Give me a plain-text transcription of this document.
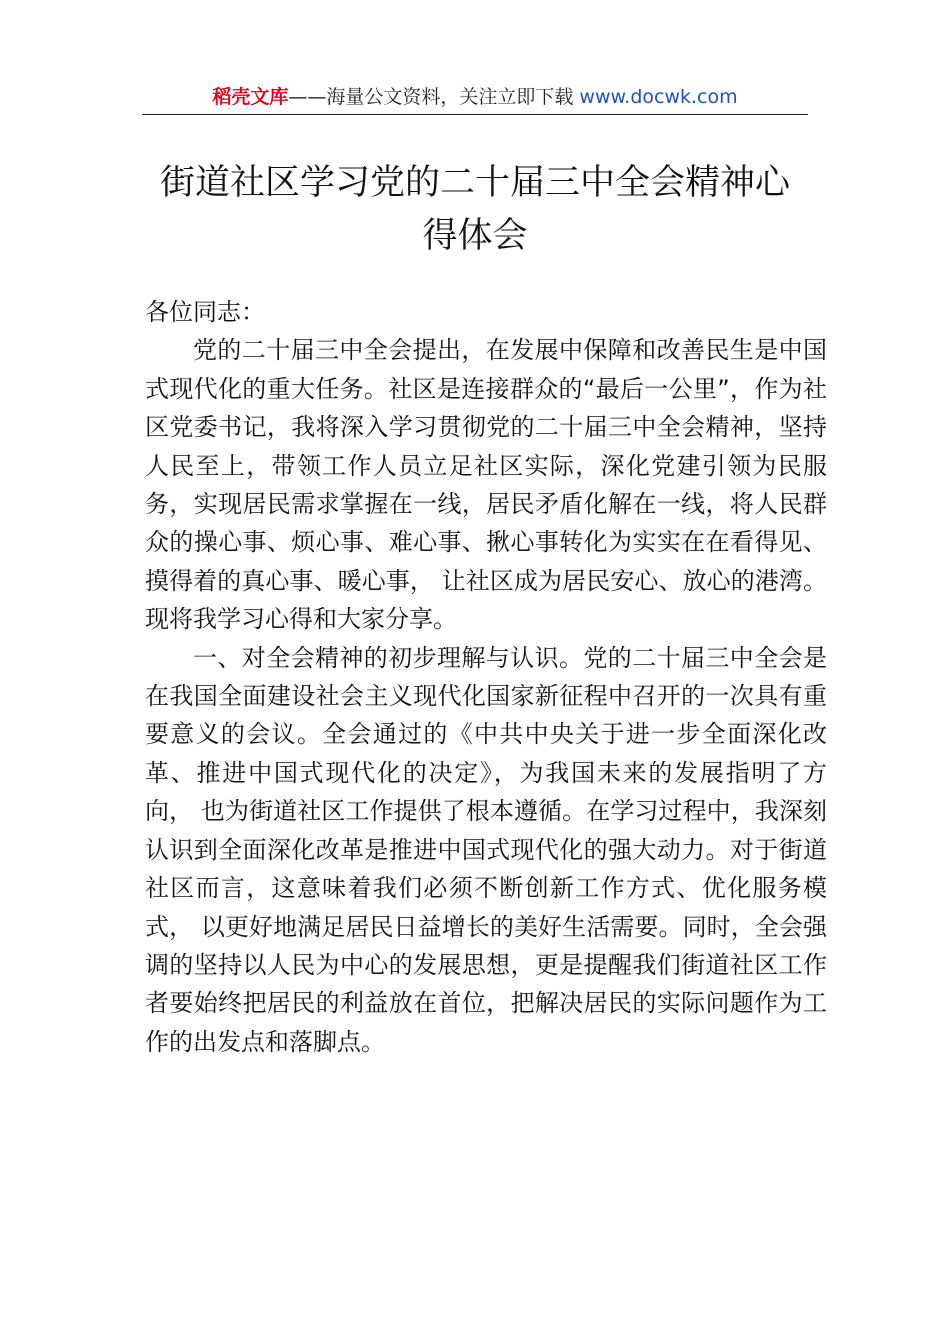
稻壳文库——海量公文资料，关注立即下载 www.docwk.com
街道社区学习党的二十届三中全会精神心
得体会

各位同志：

党的二十届三中全会提出，在发展中保障和改善民生是中国式现代化的重大任务。社区是连接群众的“最后一公里”，作为社区党委书记，我将深入学习贯彻党的二十届三中全会精神，坚持人民至上，带领工作人员立足社区实际，深化党建引领为民服务，实现居民需求掌握在一线，居民矛盾化解在一线，将人民群众的操心事、烦心事、难心事、揪心事转化为实实在在看得见、摸得着的真心事、暖心事， 让社区成为居民安心、放心的港湾。现将我学习心得和大家分享。

一、对全会精神的初步理解与认识。党的二十届三中全会是在我国全面建设社会主义现代化国家新征程中召开的一次具有重要意义的会议。全会通过的《中共中央关于进一步全面深化改革、推进中国式现代化的决定》，为我国未来的发展指明了方向， 也为街道社区工作提供了根本遵循。在学习过程中，我深刻认识到全面深化改革是推进中国式现代化的强大动力。对于街道社区而言，这意味着我们必须不断创新工作方式、优化服务模式， 以更好地满足居民日益增长的美好生活需要。同时，全会强调的坚持以人民为中心的发展思想，更是提醒我们街道社区工作者要始终把居民的利益放在首位，把解决居民的实际问题作为工作的出发点和落脚点。
